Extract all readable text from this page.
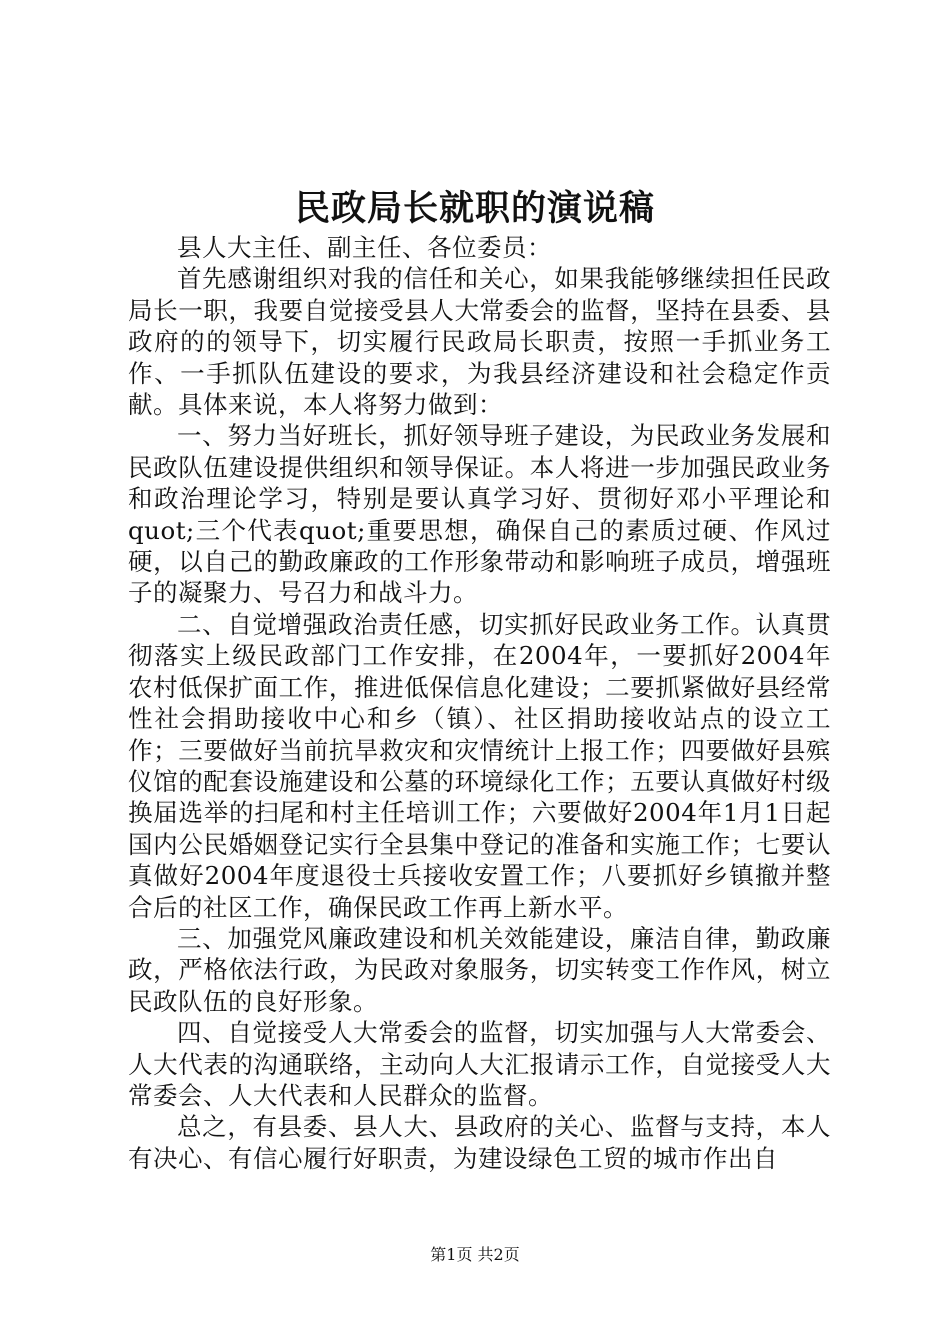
民政局长就职的演说稿

县人大主任、副主任、各位委员：

首先感谢组织对我的信任和关心，如果我能够继续担任民政局长一职，我要自觉接受县人大常委会的监督，坚持在县委、县政府的的领导下，切实履行民政局长职责，按照一手抓业务工作、一手抓队伍建设的要求，为我县经济建设和社会稳定作贡献。具体来说，本人将努力做到：

一、努力当好班长，抓好领导班子建设，为民政业务发展和民政队伍建设提供组织和领导保证。本人将进一步加强民政业务和政治理论学习，特别是要认真学习好、贯彻好邓小平理论和quot;三个代表quot;重要思想，确保自己的素质过硬、作风过硬，以自己的勤政廉政的工作形象带动和影响班子成员，增强班子的凝聚力、号召力和战斗力。

二、自觉增强政治责任感，切实抓好民政业务工作。认真贯彻落实上级民政部门工作安排，在2004年，一要抓好2004年农村低保扩面工作，推进低保信息化建设；二要抓紧做好县经常性社会捐助接收中心和乡（镇）、社区捐助接收站点的设立工作；三要做好当前抗旱救灾和灾情统计上报工作；四要做好县殡仪馆的配套设施建设和公墓的环境绿化工作；五要认真做好村级换届选举的扫尾和村主任培训工作；六要做好2004年1月1日起国内公民婚姻登记实行全县集中登记的准备和实施工作；七要认真做好2004年度退役士兵接收安置工作；八要抓好乡镇撤并整合后的社区工作，确保民政工作再上新水平。

三、加强党风廉政建设和机关效能建设，廉洁自律，勤政廉政，严格依法行政，为民政对象服务，切实转变工作作风，树立民政队伍的良好形象。

四、自觉接受人大常委会的监督，切实加强与人大常委会、人大代表的沟通联络，主动向人大汇报请示工作，自觉接受人大常委会、人大代表和人民群众的监督。

总之，有县委、县人大、县政府的关心、监督与支持，本人有决心、有信心履行好职责，为建设绿色工贸的城市作出自

第1页 共2页
